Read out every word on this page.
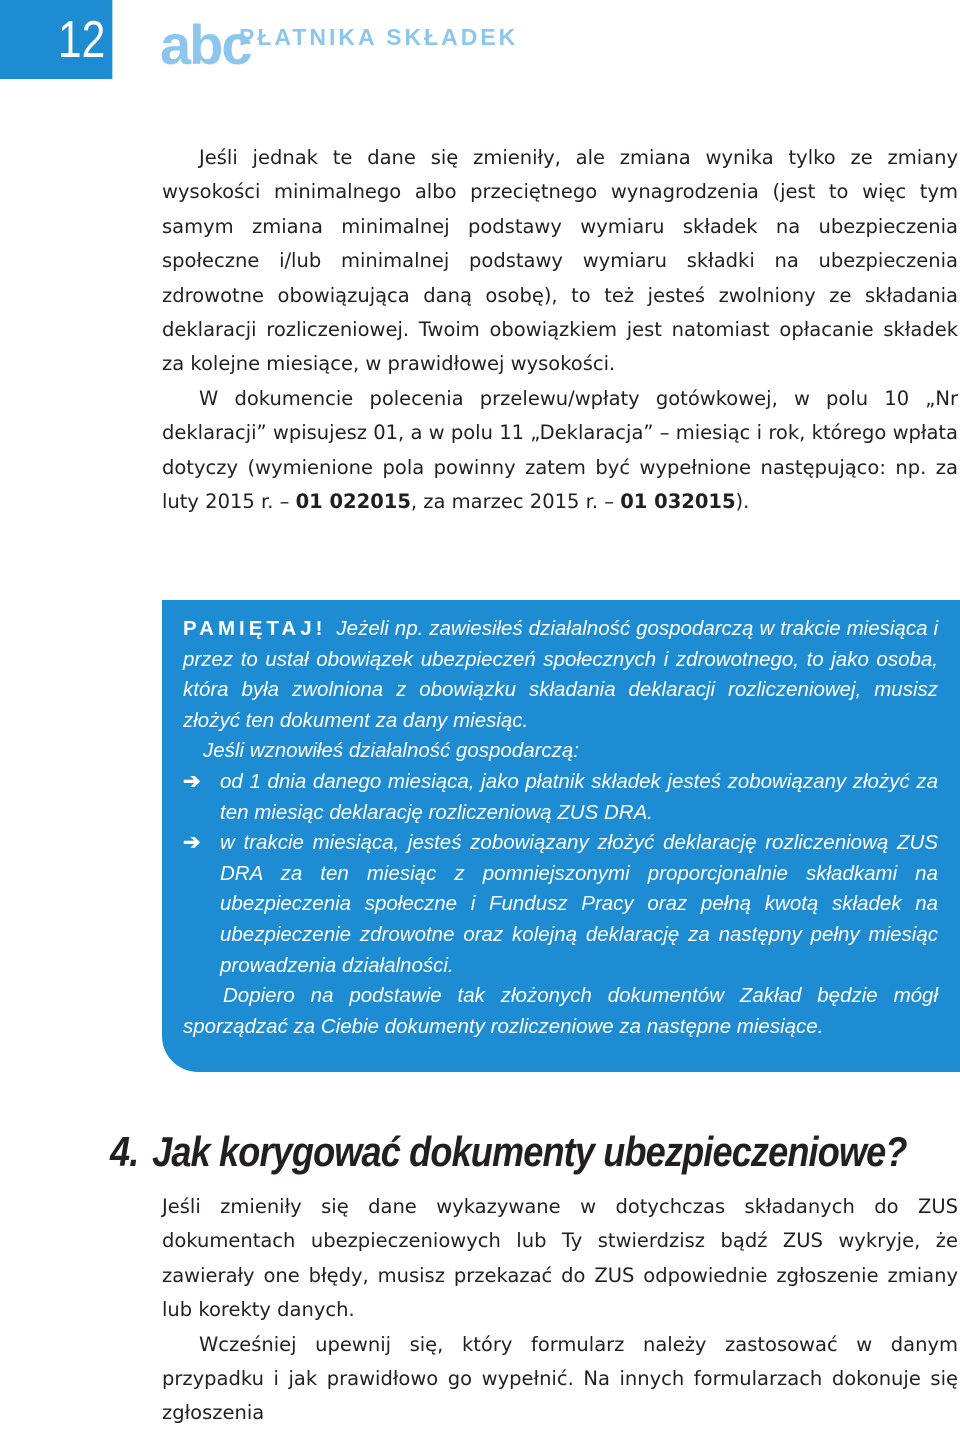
12 abc
PŁATNIKA SKŁADEK

Jeśli jednak te dane się zmieniły, ale zmiana wynika tylko ze zmiany wysokości minimalnego albo przeciętnego wynagrodzenia (jest to więc tym samym zmiana minimalnej podstawy wymiaru składek na ubezpieczenia społeczne i/lub minimalnej podstawy wymiaru składki na ubezpieczenia zdrowotne obowiązująca daną osobę), to też jesteś zwolniony ze składania deklaracji rozliczeniowej. Twoim obowiązkiem jest natomiast opłacanie składek za kolejne miesiące, w prawidłowej wysokości.

W dokumencie polecenia przelewu/wpłaty gotówkowej, w polu 10 „Nr deklaracji” wpisujesz 01, a w polu 11 „Deklaracja” – miesiąc i rok, którego wpłata dotyczy (wymienione pola powinny zatem być wypełnione następująco: np. za luty 2015 r. – 01 022015, za marzec 2015 r. – 01 032015).

PAMIĘTAJ! Jeżeli np. zawiesiłeś działalność gospodarczą w trakcie miesiąca i przez to ustał obowiązek ubezpieczeń społecznych i zdrowotnego, to jako osoba, która była zwolniona z obowiązku składania deklaracji rozliczeniowej, musisz złożyć ten dokument za dany miesiąc.

Jeśli wznowiłeś działalność gospodarczą:

➔ od 1 dnia danego miesiąca, jako płatnik składek jesteś zobowiązany złożyć za ten miesiąc deklarację rozliczeniową ZUS DRA.
➔ w trakcie miesiąca, jesteś zobowiązany złożyć deklarację rozliczeniową ZUS DRA za ten miesiąc z pomniejszonymi proporcjonalnie składkami na ubezpieczenia społeczne i Fundusz Pracy oraz pełną kwotą składek na ubezpieczenie zdrowotne oraz kolejną deklarację za następny pełny miesiąc prowadzenia działalności.

Dopiero na podstawie tak złożonych dokumentów Zakład będzie mógł sporządzać za Ciebie dokumenty rozliczeniowe za następne miesiące.

4. Jak korygować dokumenty ubezpieczeniowe?

Jeśli zmieniły się dane wykazywane w dotychczas składanych do ZUS dokumentach ubezpieczeniowych lub Ty stwierdzisz bądź ZUS wykryje, że zawierały one błędy, musisz przekazać do ZUS odpowiednie zgłoszenie zmiany lub korekty danych.

Wcześniej upewnij się, który formularz należy zastosować w danym przypadku i jak prawidłowo go wypełnić. Na innych formularzach dokonuje się zgłoszenia
